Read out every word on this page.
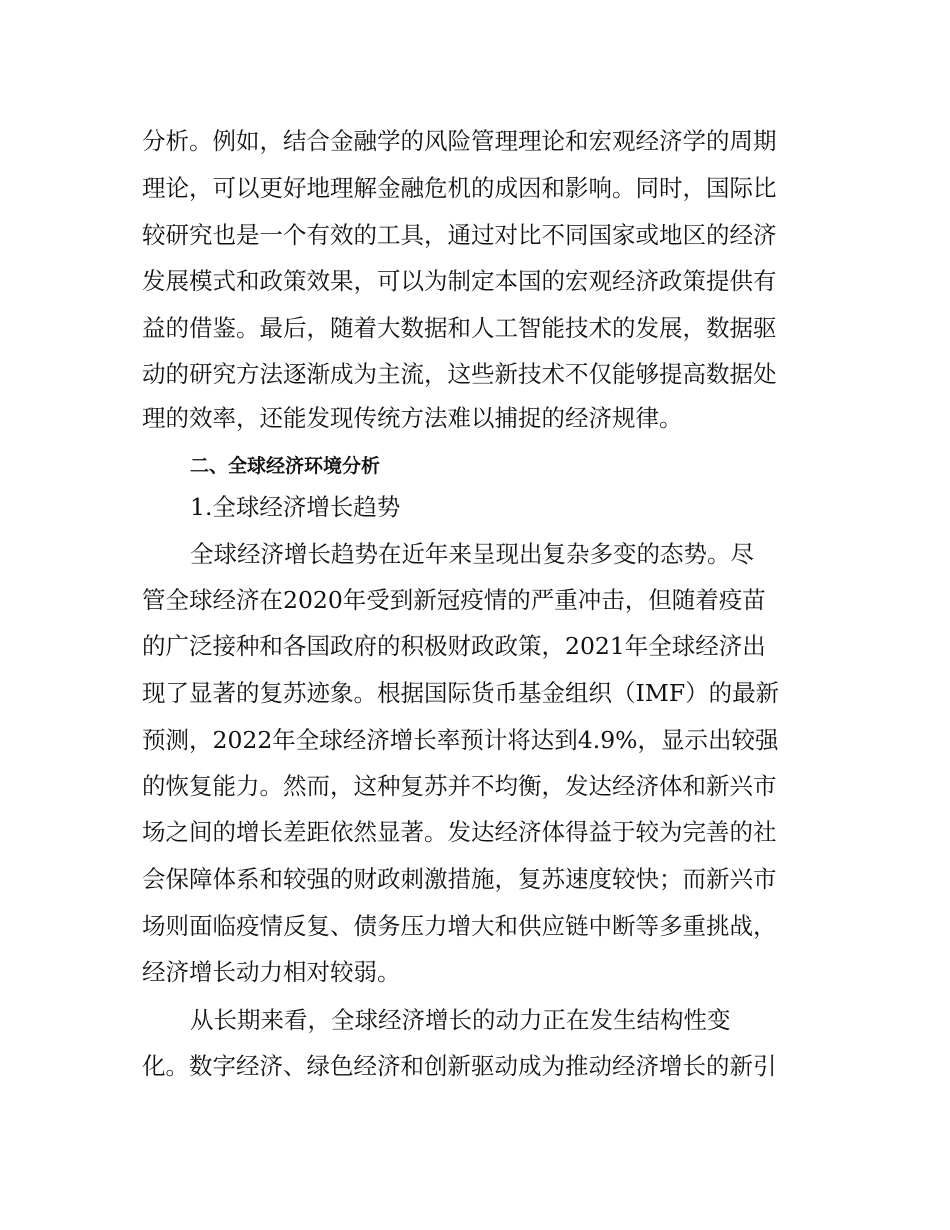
分析。例如，结合金融学的风险管理理论和宏观经济学的周期
理论，可以更好地理解金融危机的成因和影响。同时，国际比
较研究也是一个有效的工具，通过对比不同国家或地区的经济
发展模式和政策效果，可以为制定本国的宏观经济政策提供有
益的借鉴。最后，随着大数据和人工智能技术的发展，数据驱
动的研究方法逐渐成为主流，这些新技术不仅能够提高数据处
理的效率，还能发现传统方法难以捕捉的经济规律。
二、全球经济环境分析
1.全球经济增长趋势
全球经济增长趋势在近年来呈现出复杂多变的态势。尽
管全球经济在2020年受到新冠疫情的严重冲击，但随着疫苗
的广泛接种和各国政府的积极财政政策，2021年全球经济出
现了显著的复苏迹象。根据国际货币基金组织（IMF）的最新
预测，2022年全球经济增长率预计将达到4.9%，显示出较强
的恢复能力。然而，这种复苏并不均衡，发达经济体和新兴市
场之间的增长差距依然显著。发达经济体得益于较为完善的社
会保障体系和较强的财政刺激措施，复苏速度较快；而新兴市
场则面临疫情反复、债务压力增大和供应链中断等多重挑战，
经济增长动力相对较弱。
从长期来看，全球经济增长的动力正在发生结构性变
化。数字经济、绿色经济和创新驱动成为推动经济增长的新引
